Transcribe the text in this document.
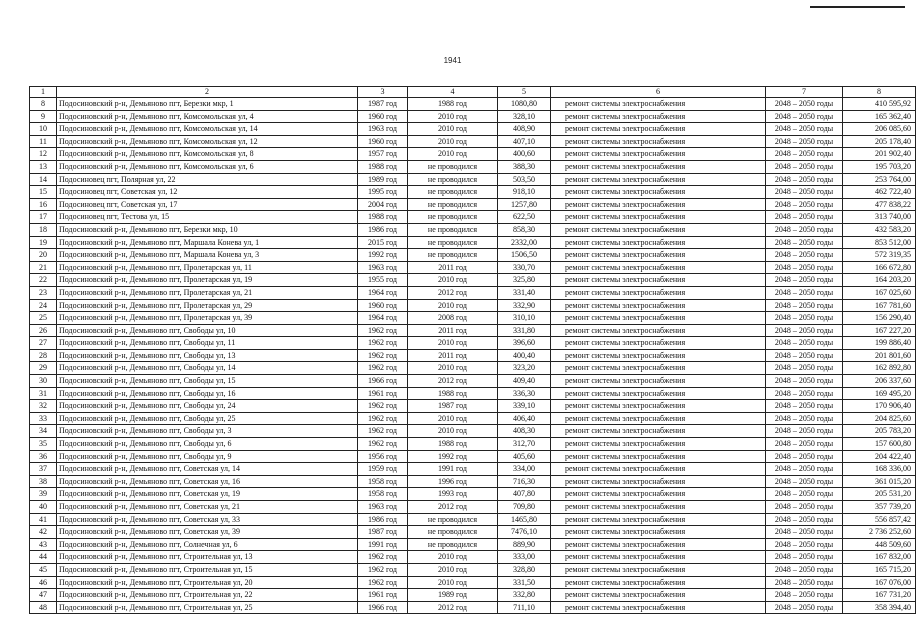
1941
1	2	3	4	5	6	7	8
8	Подосиновский р-н, Демьяново пгт, Березки мкр, 1	1987 год	1988 год	1080,80	ремонт системы электроснабжения	2048 – 2050 годы	410 595,92
9	Подосиновский р-н, Демьяново пгт, Комсомольская ул, 4	1960 год	2010 год	328,10	ремонт системы электроснабжения	2048 – 2050 годы	165 362,40
10	Подосиновский р-н, Демьяново пгт, Комсомольская ул, 14	1963 год	2010 год	408,90	ремонт системы электроснабжения	2048 – 2050 годы	206 085,60
11	Подосиновский р-н, Демьяново пгт, Комсомольская ул, 12	1960 год	2010 год	407,10	ремонт системы электроснабжения	2048 – 2050 годы	205 178,40
12	Подосиновский р-н, Демьяново пгт, Комсомольская ул, 8	1957 год	2010 год	400,60	ремонт системы электроснабжения	2048 – 2050 годы	201 902,40
13	Подосиновский р-н, Демьяново пгт, Комсомольская ул, 6	1988 год	не проводился	388,30	ремонт системы электроснабжения	2048 – 2050 годы	195 703,20
14	Подосиновец пгт, Полярная ул, 22	1989 год	не проводился	503,50	ремонт системы электроснабжения	2048 – 2050 годы	253 764,00
15	Подосиновец пгт, Советская ул, 12	1995 год	не проводился	918,10	ремонт системы электроснабжения	2048 – 2050 годы	462 722,40
16	Подосиновец пгт, Советская ул, 17	2004 год	не проводился	1257,80	ремонт системы электроснабжения	2048 – 2050 годы	477 838,22
17	Подосиновец пгт, Тестова ул, 15	1988 год	не проводился	622,50	ремонт системы электроснабжения	2048 – 2050 годы	313 740,00
18	Подосиновский р-н, Демьяново пгт, Березки мкр, 10	1986 год	не проводился	858,30	ремонт системы электроснабжения	2048 – 2050 годы	432 583,20
19	Подосиновский р-н, Демьяново пгт, Маршала Конева ул, 1	2015 год	не проводился	2332,00	ремонт системы электроснабжения	2048 – 2050 годы	853 512,00
20	Подосиновский р-н, Демьяново пгт, Маршала Конева ул, 3	1992 год	не проводился	1506,50	ремонт системы электроснабжения	2048 – 2050 годы	572 319,35
21	Подосиновский р-н, Демьяново пгт, Пролетарская ул, 11	1963 год	2011 год	330,70	ремонт системы электроснабжения	2048 – 2050 годы	166 672,80
22	Подосиновский р-н, Демьяново пгт, Пролетарская ул, 19	1955 год	2010 год	325,80	ремонт системы электроснабжения	2048 – 2050 годы	164 203,20
23	Подосиновский р-н, Демьяново пгт, Пролетарская ул, 21	1964 год	2012 год	331,40	ремонт системы электроснабжения	2048 – 2050 годы	167 025,60
24	Подосиновский р-н, Демьяново пгт, Пролетарская ул, 29	1960 год	2010 год	332,90	ремонт системы электроснабжения	2048 – 2050 годы	167 781,60
25	Подосиновский р-н, Демьяново пгт, Пролетарская ул, 39	1964 год	2008 год	310,10	ремонт системы электроснабжения	2048 – 2050 годы	156 290,40
26	Подосиновский р-н, Демьяново пгт, Свободы ул, 10	1962 год	2011 год	331,80	ремонт системы электроснабжения	2048 – 2050 годы	167 227,20
27	Подосиновский р-н, Демьяново пгт, Свободы ул, 11	1962 год	2010 год	396,60	ремонт системы электроснабжения	2048 – 2050 годы	199 886,40
28	Подосиновский р-н, Демьяново пгт, Свободы ул, 13	1962 год	2011 год	400,40	ремонт системы электроснабжения	2048 – 2050 годы	201 801,60
29	Подосиновский р-н, Демьяново пгт, Свободы ул, 14	1962 год	2010 год	323,20	ремонт системы электроснабжения	2048 – 2050 годы	162 892,80
30	Подосиновский р-н, Демьяново пгт, Свободы ул, 15	1966 год	2012 год	409,40	ремонт системы электроснабжения	2048 – 2050 годы	206 337,60
31	Подосиновский р-н, Демьяново пгт, Свободы ул, 16	1961 год	1988 год	336,30	ремонт системы электроснабжения	2048 – 2050 годы	169 495,20
32	Подосиновский р-н, Демьяново пгт, Свободы ул, 24	1962 год	1987 год	339,10	ремонт системы электроснабжения	2048 – 2050 годы	170 906,40
33	Подосиновский р-н, Демьяново пгт, Свободы ул, 25	1962 год	2010 год	406,40	ремонт системы электроснабжения	2048 – 2050 годы	204 825,60
34	Подосиновский р-н, Демьяново пгт, Свободы ул, 3	1962 год	2010 год	408,30	ремонт системы электроснабжения	2048 – 2050 годы	205 783,20
35	Подосиновский р-н, Демьяново пгт, Свободы ул, 6	1962 год	1988 год	312,70	ремонт системы электроснабжения	2048 – 2050 годы	157 600,80
36	Подосиновский р-н, Демьяново пгт, Свободы ул, 9	1956 год	1992 год	405,60	ремонт системы электроснабжения	2048 – 2050 годы	204 422,40
37	Подосиновский р-н, Демьяново пгт, Советская ул, 14	1959 год	1991 год	334,00	ремонт системы электроснабжения	2048 – 2050 годы	168 336,00
38	Подосиновский р-н, Демьяново пгт, Советская ул, 16	1958 год	1996 год	716,30	ремонт системы электроснабжения	2048 – 2050 годы	361 015,20
39	Подосиновский р-н, Демьяново пгт, Советская ул, 19	1958 год	1993 год	407,80	ремонт системы электроснабжения	2048 – 2050 годы	205 531,20
40	Подосиновский р-н, Демьяново пгт, Советская ул, 21	1963 год	2012 год	709,80	ремонт системы электроснабжения	2048 – 2050 годы	357 739,20
41	Подосиновский р-н, Демьяново пгт, Советская ул, 33	1986 год	не проводился	1465,80	ремонт системы электроснабжения	2048 – 2050 годы	556 857,42
42	Подосиновский р-н, Демьяново пгт, Советская ул, 39	1987 год	не проводился	7476,10	ремонт системы электроснабжения	2048 – 2050 годы	2 736 252,60
43	Подосиновский р-н, Демьяново пгт, Солнечная ул, 6	1991 год	не проводился	889,90	ремонт системы электроснабжения	2048 – 2050 годы	448 509,60
44	Подосиновский р-н, Демьяново пгт, Строительная ул, 13	1962 год	2010 год	333,00	ремонт системы электроснабжения	2048 – 2050 годы	167 832,00
45	Подосиновский р-н, Демьяново пгт, Строительная ул, 15	1962 год	2010 год	328,80	ремонт системы электроснабжения	2048 – 2050 годы	165 715,20
46	Подосиновский р-н, Демьяново пгт, Строительная ул, 20	1962 год	2010 год	331,50	ремонт системы электроснабжения	2048 – 2050 годы	167 076,00
47	Подосиновский р-н, Демьяново пгт, Строительная ул, 22	1961 год	1989 год	332,80	ремонт системы электроснабжения	2048 – 2050 годы	167 731,20
48	Подосиновский р-н, Демьяново пгт, Строительная ул, 25	1966 год	2012 год	711,10	ремонт системы электроснабжения	2048 – 2050 годы	358 394,40
